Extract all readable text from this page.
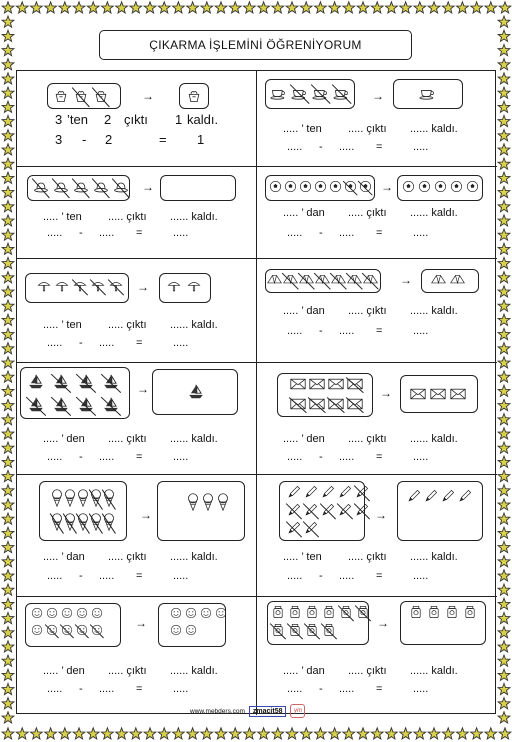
ÇIKARMA İŞLEMİNİ ÖĞRENİYORUM
→
3 ’ten 2 çıktı 1 kaldı.
3 - 2	= 1
→
..... ’ ten ..... çıktı ...... kaldı.
..... - ..... =	.....
→
..... ’ ten ..... çıktı ...... kaldı.
..... - ..... =	.....
→
..... ’ dan ..... çıktı ...... kaldı.
..... - ..... =	.....
→
..... ’ ten ..... çıktı ...... kaldı.
..... - ..... =	.....
→
..... ’ dan ..... çıktı ...... kaldı.
..... - ..... =	.....
→
..... ’ den ..... çıktı ...... kaldı.
..... - ..... =	.....
→
..... ’ den ..... çıktı ...... kaldı.
..... - ..... =	.....
→
..... ’ dan ..... çıktı ...... kaldı.
..... - ..... =	.....
→
..... ’ ten ..... çıktı ...... kaldı.
..... - ..... =	.....
→
..... ’ den ..... çıktı ...... kaldı.
..... - ..... =	.....
→
..... ’ dan ..... çıktı ...... kaldı.
..... - ..... =	.....
www.mebders.com	zmacit58	ym
